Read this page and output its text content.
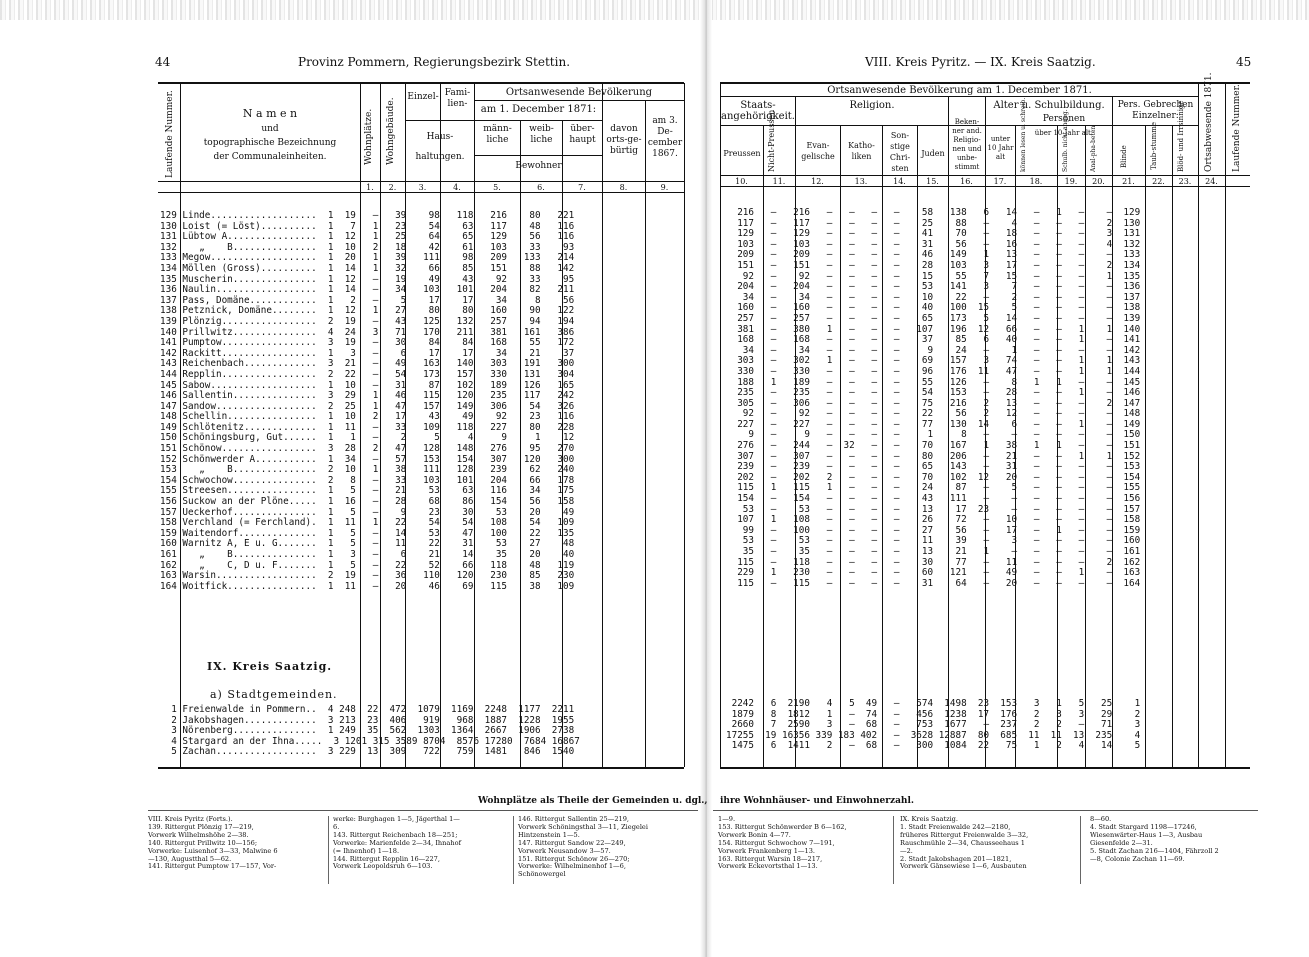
44	Provinz Pommern, Regierungsbezirk Stettin.
Laufende Nummer.	N a m e n
und
topographische Bezeichnung
der Communaleinheiten.	Wohnplätze. Wohngebäude.
Einzel- Fami-lien-
Haus-
haltungen.
Ortsanwesende Bevölkerung
am 1. December 1871:
männ-liche
weib-liche
über-haupt
davon orts-ge-bürtig
Bewohner
am 3. De-cember 1867.
1.	2.	3.	4.	5.	6.	7.	8.	9.
129 Linde...................  1  19   —   39    98   118   216    80   221
130 Loist (= Löst)..........  1   7   1   23    54    63   117    48   116
131 Lübtow A................  1  12   1   25    64    65   129    56   116
132    „    B...............  1  10   2   18    42    61   103    33    93
133 Megow...................  1  20   1   39   111    98   209   133   214
134 Möllen (Gross)..........  1  14   1   32    66    85   151    88   142
135 Muscherin...............  1  12   —   19    49    43    92    33    95
136 Naulin..................  1  14   —   34   103   101   204    82   211
137 Pass, Domäne............  1   2   —    5    17    17    34     8    56
138 Petznick, Domäne........  1  12   1   27    80    80   160    90   122
139 Plönzig.................  2  19   —   43   125   132   257    94   194
140 Prillwitz...............  4  24   3   71   170   211   381   161   386
141 Pumptow.................  3  19   —   30    84    84   168    55   172
142 Rackitt.................  1   3   —    6    17    17    34    21    37
143 Reichenbach.............  3  21   —   49   163   140   303   191   300
144 Repplin.................  2  22   —   54   173   157   330   131   304
145 Sabow...................  1  10   —   31    87   102   189   126   165
146 Sallentin...............  3  29   1   46   115   120   235   117   242
147 Sandow..................  2  25   1   47   157   149   306    54   326
148 Schellin................  1  10   2   17    43    49    92    23   116
149 Schlötenitz.............  1  11   —   33   109   118   227    80   228
150 Schöningsburg, Gut......  1   1   —    2     5     4     9     1    12
151 Schönow.................  3  28   2   47   128   148   276    95   270
152 Schönwerder A...........  1  34   —   57   153   154   307   120   300
153    „    B...............  2  10   1   38   111   128   239    62   240
154 Schwochow...............  2   8   —   33   103   101   204    66   178
155 Streesen................  1   5   —   21    53    63   116    34   175
156 Suckow an der Plöne.....  1  16   —   28    68    86   154    56   158
157 Ueckerhof...............  1   5   —    9    23    30    53    20    49
158 Verchland (= Ferchland).  1  11   1   22    54    54   108    54   109
159 Waitendorf..............  1   5   —   14    53    47   100    22   135
160 Warnitz A, E u. G.......  1   5   —   11    22    31    53    27    48
161    „    B...............  1   3   —    6    21    14    35    20    40
162    „    C, D u. F.......  1   5   —   22    52    66   118    48   119
163 Warsin..................  2  19   —   36   110   120   230    85   230
164 Woitfick................  1  11   —   20    46    69   115    38   109
IX. Kreis Saatzig.
a) Stadtgemeinden.
1 Freienwalde in Pommern..  4 248  22  472  1079  1169  2248  1177  2211
2 Jakobshagen.............  3 213  23  406   919   968  1887  1228  1955
3 Nörenberg...............  1 249  35  562  1303  1364  2667  1906  2738
4 Stargard an der Ihna.....  3 1201 315 3589 8704  8576 17280  7684 16867
5 Zachan..................  3 229  13  309   722   759  1481   846  1540
Wohnplätze als Theile der Gemeinden u. dgl.,
VIII. Kreis Pyritz (Forts.).
139. Rittergut Plönzig 17—219, Vorwerk Wilhelmshöhe 2—38.
140. Rittergut Prillwitz 10—156; Vorwerke: Luisenhof 3—33, Malwine 6—130, Augustthal 5—62.
141. Rittergut Pumptow 17—157, Vor-
werke: Burghagen 1—5, Jägerthal 1—6.
143. Rittergut Reichenbach 18—251; Vorwerke: Marienfelde 2—34, Ihnahof (= Ihnenhof) 1—18.
144. Rittergut Repplin 16—227, Vorwerk Leopoldsruh 6—103.
146. Rittergut Sallentin 25—219, Vorwerk Schöningsthal 3—11, Ziegelei Hintzenstein 1—5.
147. Rittergut Sandow 22—249, Vorwerk Neusandow 3—57.
151. Rittergut Schönow 26—270; Vorwerke: Wilhelminenhof 1—6, Schönowergel
VIII. Kreis Pyritz. — IX. Kreis Saatzig.	45
Ortsanwesende Bevölkerung am 1. December 1871.
Staats-angehörigkeit.
Religion.	Alter u. Schulbildung.
Personen
Pers. Gebrechen Einzelner:
Preussen Nicht-Preussen	Evan-gelische
Katho-liken
Son-stige Chri-sten
Juden
Beken-ner and. Religio-nen und unbe-stimmt
unter 10 Jahr alt
über 10 Jahr alt:
können lesen u. schreib.	Schulb. nicht angeg.	Anal-pha-beten	Blinde	Taub-stumme	Blöd- und Irrsinnige Ortsabwesende 1871. Laufende Nummer.
10.	11.	12.	13.	14.	15.	16.	17.	18.	19.	20.	21.	22.	23.	24.
216   —   216   —   —   —   —    58   138   6   14   —   1   —    —  129
117   —   117   —   —   —   —    25    88   —    4   —   —   —    2  130
129   —   129   —   —   —   —    41    70   —   18   —   —   —    3  131
103   —   103   —   —   —   —    31    56   —   16   —   —   —    4  132
209   —   209   —   —   —   —    46   149   1   13   —   —   —    —  133
151   —   151   —   —   —   —    28   103   3   17   —   —   —    2  134
92   —    92   —   —   —   —    15    55   7   15   —   —   —    1  135
204   —   204   —   —   —   —    53   141   3    7   —   —   —    —  136
34   —    34   —   —   —   —    10    22   —    2   —   —   —    —  137
160   —   160   —   —   —   —    40   100  15    5   —   —   —    —  138
257   —   257   —   —   —   —    65   173   5   14   —   —   —    —  139
381   —   380   1   —   —   —   107   196  12   66   —   —   1    1  140
168   —   168   —   —   —   —    37    85   6   40   —   —   1    —  141
34   —    34   —   —   —   —     9    24   —    1   —   —   —    —  142
303   —   302   1   —   —   —    69   157   3   74   —   —   1    1  143
330   —   330   —   —   —   —    96   176  11   47   —   —   1    1  144
188   1   189   —   —   —   —    55   126   —    8   1   1   —    —  145
235   —   235   —   —   —   —    54   153   —   28   —   —   1    —  146
305   —   306   —   —   —   —    75   216   2   13   —   —   —    2  147
92   —    92   —   —   —   —    22    56   2   12   —   —   —    —  148
227   —   227   —   —   —   —    77   130  14    6   —   —   1    —  149
9   —     9   —   —   —   —     1     8   —    —   —   —   —    —  150
276   —   244   —  32   —   —    70   167   1   38   1   1   —    —  151
307   —   307   —   —   —   —    80   206   —   21   —   —   1    1  152
239   —   239   —   —   —   —    65   143   —   31   —   —   —    —  153
202   —   202   2   —   —   —    70   102  12   20   —   —   —    —  154
115   1   115   1   —   —   —    24    87   —    5   —   —   —    —  155
154   —   154   —   —   —   —    43   111   —    —   —   —   —    —  156
53   —    53   —   —   —   —    13    17  23    —   —   —   —    —  157
107   1   108   —   —   —   —    26    72   —   10   —   —   —    —  158
99   —   100   —   —   —   —    27    56   —   17   —   1   —    —  159
53   —    53   —   —   —   —    11    39   —    3   —   —   —    —  160
35   —    35   —   —   —   —    13    21   1    —   —   —   —    —  161
115   —   118   —   —   —   —    30    77   —   11   —   —   —    2  162
229   1   230   —   —   —   —    60   121   —   49   —   —   1    —  163
115   —   115   —   —   —   —    31    64   —   20   —   —   —    —  164
2242   6  2190   4   5  49   —   574  1498  23  153   3   1   5   25    1
1879   8  1812   1   —  74   —   456  1238  17  176   2   3   3   29    2
2660   7  2590   3   —  68   —   753  1677   —  237   2   2   —   71    3
17255  19 16356 339 183 402   —  3628 12887  80  685  11  11  13  235    4
1475   6  1411   2   —  68   —   300  1084  22   75   1   2   4   14    5
ihre Wohnhäuser- und Einwohnerzahl.
1—9.
153. Rittergut Schönwerder B 6—162, Vorwerk Bonin 4—77.
154. Rittergut Schwochow 7—191, Vorwerk Frankenberg 1—13.
163. Rittergut Warsin 18—217, Vorwerk Eckevortsthal 1—13.
IX. Kreis Saatzig.
1. Stadt Freienwalde 242—2180, früheres Rittergut Freienwalde 3—32, Rauschmühle 2—34, Chausseehaus 1—2.
2. Stadt Jakobshagen 201—1821, Vorwerk Gänsewiese 1—6, Ausbauten
8—60.
4. Stadt Stargard 1198—17246, Wiesenwärter-Haus 1—3, Ausbau Giesenfelde 2—31.
5. Stadt Zachan 216—1404, Fährzoll 2—8, Colonie Zachan 11—69.
